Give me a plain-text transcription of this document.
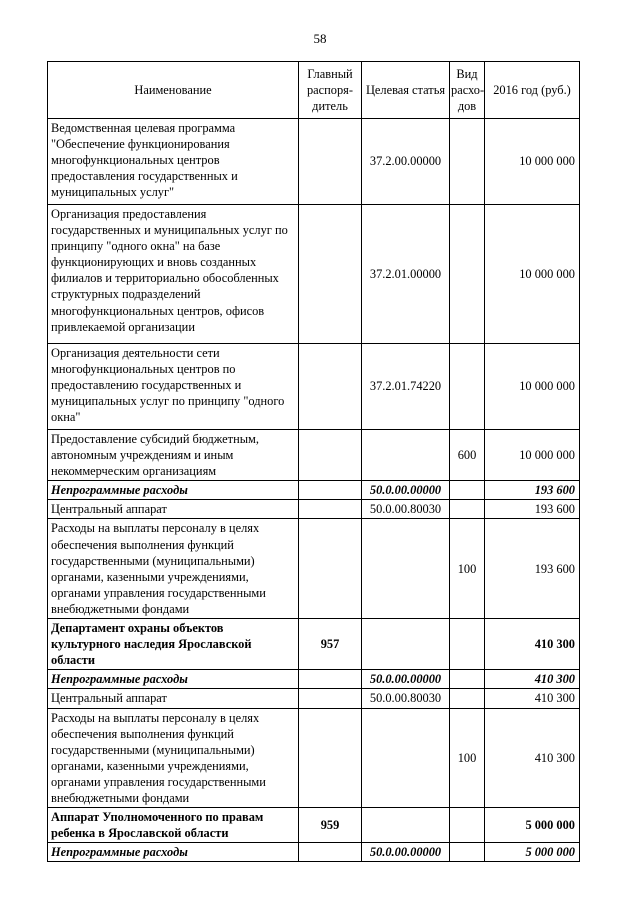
58
Наименование	Главный распоря- дитель	Целевая статья	Вид расхо- дов	2016 год (руб.)
Ведомственная целевая программа "Обеспечение функционирования многофункциональных центров предоставления государственных и муниципальных услуг"		37.2.00.00000		10 000 000
Организация предоставления государственных и муниципальных услуг по принципу "одного окна" на базе функционирующих и вновь созданных филиалов и территориально обособленных структурных подразделений многофункциональных центров, офисов привлекаемой организации		37.2.01.00000		10 000 000
Организация деятельности сети многофункциональных центров по предоставлению государственных и муниципальных услуг по принципу "одного окна"		37.2.01.74220		10 000 000
Предоставление субсидий бюджетным, автономным учреждениям и иным некоммерческим организациям			600	10 000 000
Непрограммные расходы		50.0.00.00000		193 600
Центральный аппарат		50.0.00.80030		193 600
Расходы на выплаты персоналу в целях обеспечения выполнения функций государственными (муниципальными) органами, казенными учреждениями, органами управления государственными внебюджетными фондами			100	193 600
Департамент охраны объектов культурного наследия Ярославской области	957			410 300
Непрограммные расходы		50.0.00.00000		410 300
Центральный аппарат		50.0.00.80030		410 300
Расходы на выплаты персоналу в целях обеспечения выполнения функций государственными (муниципальными) органами, казенными учреждениями, органами управления государственными внебюджетными фондами			100	410 300
Аппарат Уполномоченного по правам ребенка в Ярославской области	959			5 000 000
Непрограммные расходы		50.0.00.00000		5 000 000
